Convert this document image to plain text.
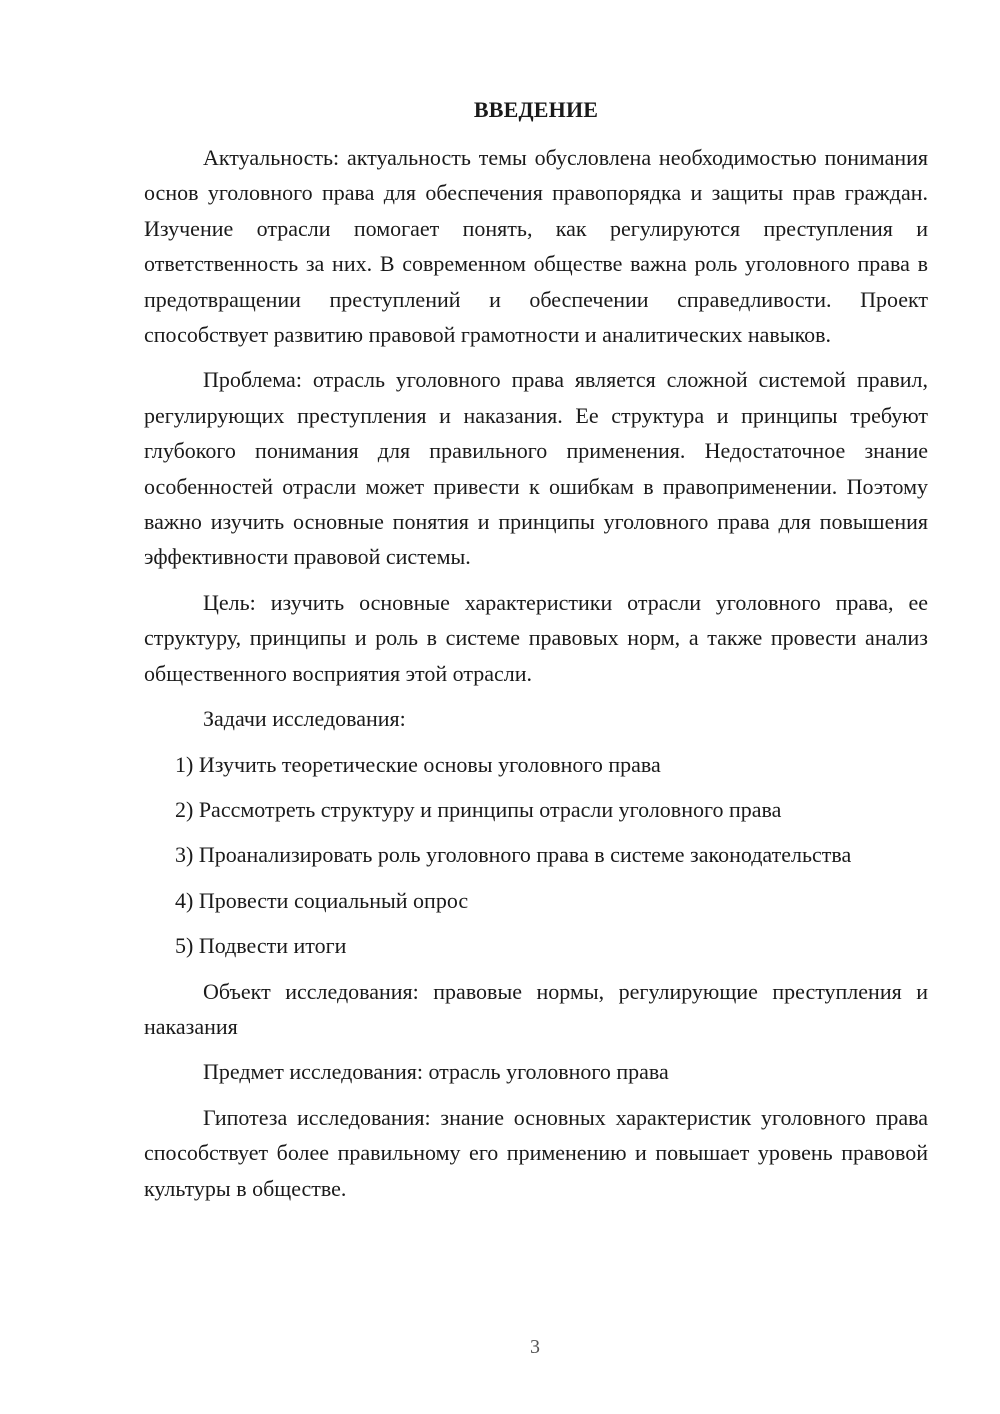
ВВЕДЕНИЕ

Актуальность: актуальность темы обусловлена необходимостью понимания основ уголовного права для обеспечения правопорядка и защиты прав граждан. Изучение отрасли помогает понять, как регулируются преступления и ответственность за них. В современном обществе важна роль уголовного права в предотвращении преступлений и обеспечении справедливости. Проект способствует развитию правовой грамотности и аналитических навыков.

Проблема: отрасль уголовного права является сложной системой правил, регулирующих преступления и наказания. Ее структура и принципы требуют глубокого понимания для правильного применения. Недостаточное знание особенностей отрасли может привести к ошибкам в правоприменении. Поэтому важно изучить основные понятия и принципы уголовного права для повышения эффективности правовой системы.

Цель: изучить основные характеристики отрасли уголовного права, ее структуру, принципы и роль в системе правовых норм, а также провести анализ общественного восприятия этой отрасли.

Задачи исследования:

1) Изучить теоретические основы уголовного права

2) Рассмотреть структуру и принципы отрасли уголовного права

3) Проанализировать роль уголовного права в системе законодательства

4) Провести социальный опрос

5) Подвести итоги

Объект исследования: правовые нормы, регулирующие преступления и наказания

Предмет исследования: отрасль уголовного права

Гипотеза исследования: знание основных характеристик уголовного права способствует более правильному его применению и повышает уровень правовой культуры в обществе.

3
